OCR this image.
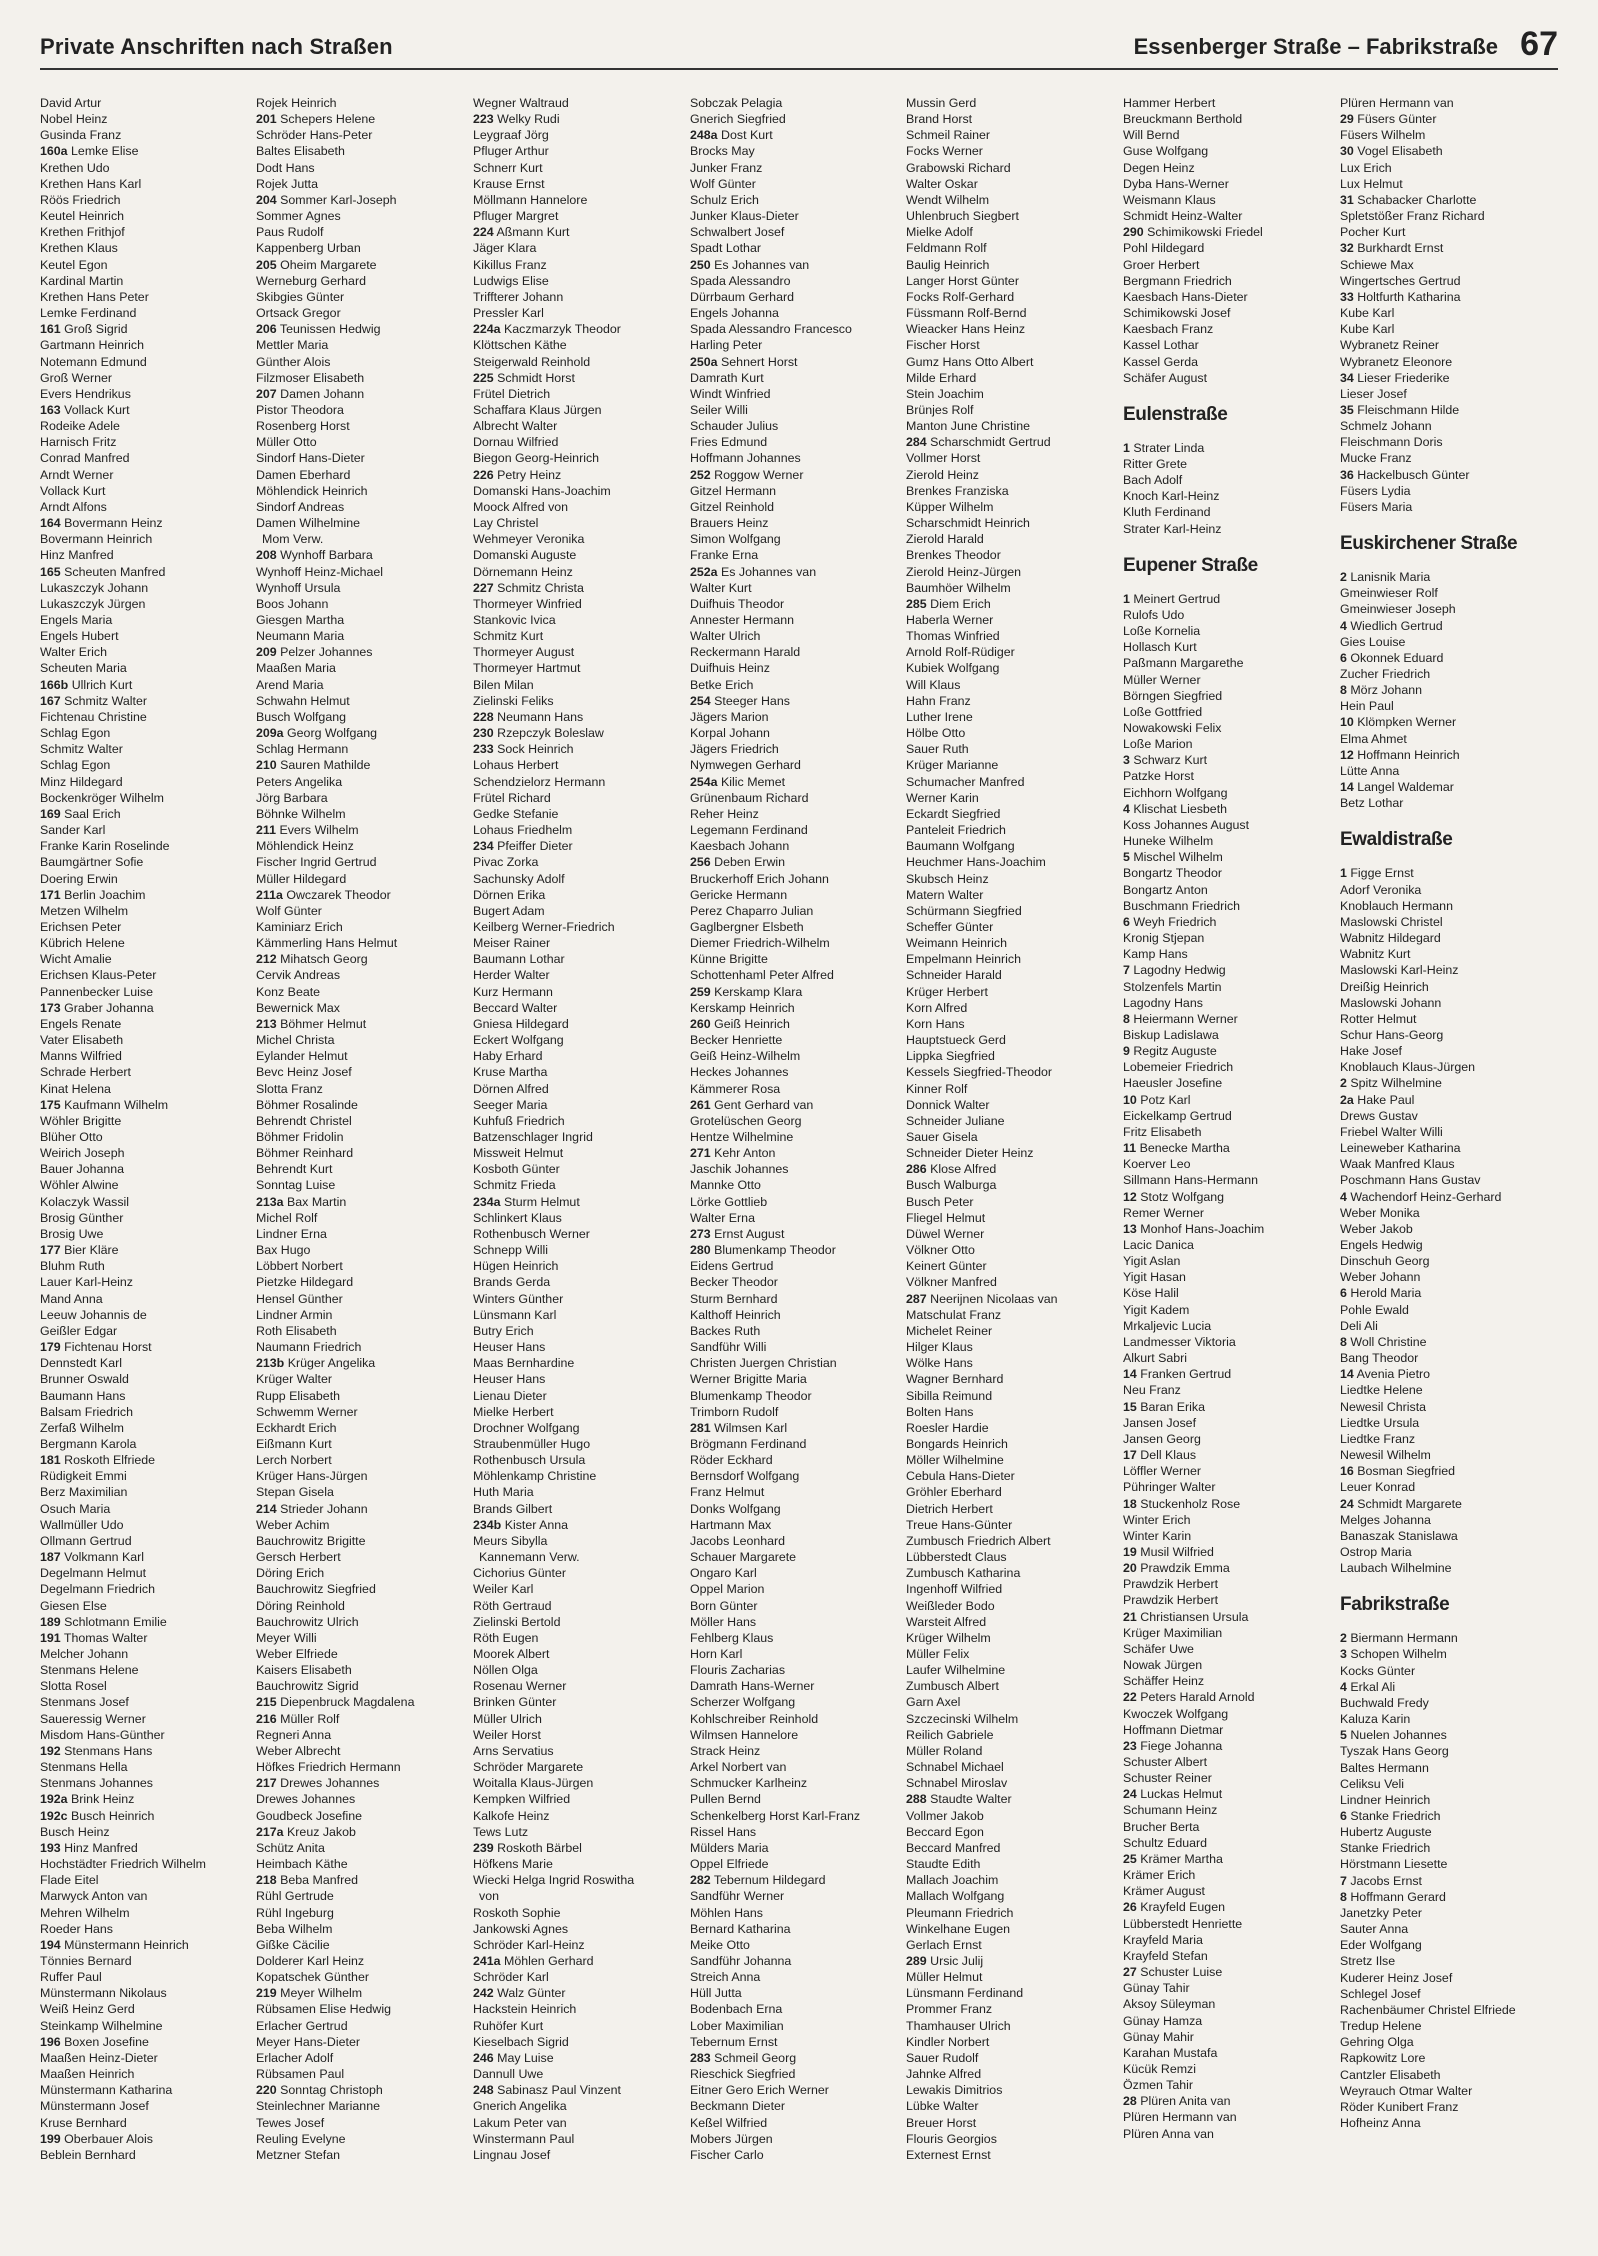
Private Anschriften nach Straßen	Essenberger Straße – Fabrikstraße 67
David Artur
Nobel Heinz
Gusinda Franz
160a Lemke Elise
Krethen Udo
Krethen Hans Karl
Röös Friedrich
Keutel Heinrich
Krethen Frithjof
Krethen Klaus
Keutel Egon
Kardinal Martin
Krethen Hans Peter
Lemke Ferdinand
161 Groß Sigrid
Gartmann Heinrich
Notemann Edmund
Groß Werner
Evers Hendrikus
163 Vollack Kurt
Rodeike Adele
Harnisch Fritz
Conrad Manfred
Arndt Werner
Vollack Kurt
Arndt Alfons
164 Bovermann Heinz
Bovermann Heinrich
Hinz Manfred
165 Scheuten Manfred
Lukaszczyk Johann
Lukaszczyk Jürgen
Engels Maria
Engels Hubert
Walter Erich
Scheuten Maria
166b Ullrich Kurt
167 Schmitz Walter
Fichtenau Christine
Schlag Egon
Schmitz Walter
Schlag Egon
Minz Hildegard
Bockenkröger Wilhelm
169 Saal Erich
Sander Karl
Franke Karin Roselinde
Baumgärtner Sofie
Doering Erwin
171 Berlin Joachim
Metzen Wilhelm
Erichsen Peter
Kübrich Helene
Wicht Amalie
Erichsen Klaus-Peter
Pannenbecker Luise
173 Graber Johanna
Engels Renate
Vater Elisabeth
Manns Wilfried
Schrade Herbert
Kinat Helena
175 Kaufmann Wilhelm
Wöhler Brigitte
Blüher Otto
Weirich Joseph
Bauer Johanna
Wöhler Alwine
Kolaczyk Wassil
Brosig Günther
Brosig Uwe
177 Bier Kläre
Bluhm Ruth
Lauer Karl-Heinz
Mand Anna
Leeuw Johannis de
Geißler Edgar
179 Fichtenau Horst
Dennstedt Karl
Brunner Oswald
Baumann Hans
Balsam Friedrich
Zerfaß Wilhelm
Bergmann Karola
181 Roskoth Elfriede
Rüdigkeit Emmi
Berz Maximilian
Osuch Maria
Wallmüller Udo
Ollmann Gertrud
187 Volkmann Karl
Degelmann Helmut
Degelmann Friedrich
Giesen Else
189 Schlotmann Emilie
191 Thomas Walter
Melcher Johann
Stenmans Helene
Slotta Rosel
Stenmans Josef
Saueressig Werner
Misdom Hans-Günther
192 Stenmans Hans
Stenmans Hella
Stenmans Johannes
192a Brink Heinz
192c Busch Heinrich
Busch Heinz
193 Hinz Manfred
Hochstädter Friedrich Wilhelm
Flade Eitel
Marwyck Anton van
Mehren Wilhelm
Roeder Hans
194 Münstermann Heinrich
Tönnies Bernard
Ruffer Paul
Münstermann Nikolaus
Weiß Heinz Gerd
Steinkamp Wilhelmine
196 Boxen Josefine
Maaßen Heinz-Dieter
Maaßen Heinrich
Münstermann Katharina
Münstermann Josef
Kruse Bernhard
199 Oberbauer Alois
Beblein Bernhard
Rojek Heinrich
201 Schepers Helene
Schröder Hans-Peter
Baltes Elisabeth
Dodt Hans
Rojek Jutta
204 Sommer Karl-Joseph
Sommer Agnes
Paus Rudolf
Kappenberg Urban
205 Oheim Margarete
Werneburg Gerhard
Skibgies Günter
Ortsack Gregor
206 Teunissen Hedwig
Mettler Maria
Günther Alois
Filzmoser Elisabeth
207 Damen Johann
Pistor Theodora
Rosenberg Horst
Müller Otto
Sindorf Hans-Dieter
Damen Eberhard
Möhlendick Heinrich
Sindorf Andreas
Damen Wilhelmine
Mom Verw.
208 Wynhoff Barbara
Wynhoff Heinz-Michael
Wynhoff Ursula
Boos Johann
Giesgen Martha
Neumann Maria
209 Pelzer Johannes
Maaßen Maria
Arend Maria
Schwahn Helmut
Busch Wolfgang
209a Georg Wolfgang
Schlag Hermann
210 Sauren Mathilde
Peters Angelika
Jörg Barbara
Böhnke Wilhelm
211 Evers Wilhelm
Möhlendick Heinz
Fischer Ingrid Gertrud
Müller Hildegard
211a Owczarek Theodor
Wolf Günter
Kaminiarz Erich
Kämmerling Hans Helmut
212 Mihatsch Georg
Cervik Andreas
Konz Beate
Bewernick Max
213 Böhmer Helmut
Michel Christa
Eylander Helmut
Bevc Heinz Josef
Slotta Franz
Böhmer Rosalinde
Behrendt Christel
Böhmer Fridolin
Böhmer Reinhard
Behrendt Kurt
Sonntag Luise
213a Bax Martin
Michel Rolf
Lindner Erna
Bax Hugo
Löbbert Norbert
Pietzke Hildegard
Hensel Günther
Lindner Armin
Roth Elisabeth
Naumann Friedrich
213b Krüger Angelika
Krüger Walter
Rupp Elisabeth
Schwemm Werner
Eckhardt Erich
Eißmann Kurt
Lerch Norbert
Krüger Hans-Jürgen
Stepan Gisela
214 Strieder Johann
Weber Achim
Bauchrowitz Brigitte
Gersch Herbert
Döring Erich
Bauchrowitz Siegfried
Döring Reinhold
Bauchrowitz Ulrich
Meyer Willi
Weber Elfriede
Kaisers Elisabeth
Bauchrowitz Sigrid
215 Diepenbruck Magdalena
216 Müller Rolf
Regneri Anna
Weber Albrecht
Höfkes Friedrich Hermann
217 Drewes Johannes
Drewes Johannes
Goudbeck Josefine
217a Kreuz Jakob
Schütz Anita
Heimbach Käthe
218 Beba Manfred
Rühl Gertrude
Rühl Ingeburg
Beba Wilhelm
Gißke Cäcilie
Dolderer Karl Heinz
Kopatschek Günther
219 Meyer Wilhelm
Rübsamen Elise Hedwig
Erlacher Gertrud
Meyer Hans-Dieter
Erlacher Adolf
Rübsamen Paul
220 Sonntag Christoph
Steinlechner Marianne
Tewes Josef
Reuling Evelyne
Metzner Stefan
Wegner Waltraud
223 Welky Rudi
Leygraaf Jörg
Pfluger Arthur
Schnerr Kurt
Krause Ernst
Möllmann Hannelore
Pfluger Margret
224 Aßmann Kurt
Jäger Klara
Kikillus Franz
Ludwigs Elise
Triffterer Johann
Pressler Karl
224a Kaczmarzyk Theodor
Klöttschen Käthe
Steigerwald Reinhold
225 Schmidt Horst
Frütel Dietrich
Schaffara Klaus Jürgen
Albrecht Walter
Dornau Wilfried
Biegon Georg-Heinrich
226 Petry Heinz
Domanski Hans-Joachim
Moock Alfred von
Lay Christel
Wehmeyer Veronika
Domanski Auguste
Dörnemann Heinz
227 Schmitz Christa
Thormeyer Winfried
Stankovic Ivica
Schmitz Kurt
Thormeyer August
Thormeyer Hartmut
Bilen Milan
Zielinski Feliks
228 Neumann Hans
230 Rzepczyk Boleslaw
233 Sock Heinrich
Lohaus Herbert
Schendzielorz Hermann
Frütel Richard
Gedke Stefanie
Lohaus Friedhelm
234 Pfeiffer Dieter
Pivac Zorka
Sachunsky Adolf
Dörnen Erika
Bugert Adam
Keilberg Werner-Friedrich
Meiser Rainer
Baumann Lothar
Herder Walter
Kurz Hermann
Beccard Walter
Gniesa Hildegard
Eckert Wolfgang
Haby Erhard
Kruse Martha
Dörnen Alfred
Seeger Maria
Kuhfuß Friedrich
Batzenschlager Ingrid
Missweit Helmut
Kosboth Günter
Schmitz Frieda
234a Sturm Helmut
Schlinkert Klaus
Rothenbusch Werner
Schnepp Willi
Hügen Heinrich
Brands Gerda
Winters Günther
Lünsmann Karl
Butry Erich
Heuser Hans
Maas Bernhardine
Heuser Hans
Lienau Dieter
Mielke Herbert
Drochner Wolfgang
Straubenmüller Hugo
Rothenbusch Ursula
Möhlenkamp Christine
Huth Maria
Brands Gilbert
234b Kister Anna
Meurs Sibylla
Kannemann Verw.
Cichorius Günter
Weiler Karl
Röth Gertraud
Zielinski Bertold
Röth Eugen
Moorek Albert
Nöllen Olga
Rosenau Werner
Brinken Günter
Müller Ulrich
Weiler Horst
Arns Servatius
Schröder Margarete
Woitalla Klaus-Jürgen
Kempken Wilfried
Kalkofe Heinz
Tews Lutz
239 Roskoth Bärbel
Höfkens Marie
Wiecki Helga Ingrid Roswitha
von
Roskoth Sophie
Jankowski Agnes
Schröder Karl-Heinz
241a Möhlen Gerhard
Schröder Karl
242 Walz Günter
Hackstein Heinrich
Ruhöfer Kurt
Kieselbach Sigrid
246 May Luise
Dannull Uwe
248 Sabinasz Paul Vinzent
Gnerich Angelika
Lakum Peter van
Winstermann Paul
Lingnau Josef
Sobczak Pelagia
Gnerich Siegfried
248a Dost Kurt
Brocks May
Junker Franz
Wolf Günter
Schulz Erich
Junker Klaus-Dieter
Schwalbert Josef
Spadt Lothar
250 Es Johannes van
Spada Alessandro
Dürrbaum Gerhard
Engels Johanna
Spada Alessandro Francesco
Harling Peter
250a Sehnert Horst
Damrath Kurt
Windt Winfried
Seiler Willi
Schauder Julius
Fries Edmund
Hoffmann Johannes
252 Roggow Werner
Gitzel Hermann
Gitzel Reinhold
Brauers Heinz
Simon Wolfgang
Franke Erna
252a Es Johannes van
Walter Kurt
Duifhuis Theodor
Annester Hermann
Walter Ulrich
Reckermann Harald
Duifhuis Heinz
Betke Erich
254 Steeger Hans
Jägers Marion
Korpal Johann
Jägers Friedrich
Nymwegen Gerhard
254a Kilic Memet
Grünenbaum Richard
Reher Heinz
Legemann Ferdinand
Kaesbach Johann
256 Deben Erwin
Bruckerhoff Erich Johann
Gericke Hermann
Perez Chaparro Julian
Gaglbergner Elsbeth
Diemer Friedrich-Wilhelm
Künne Brigitte
Schottenhaml Peter Alfred
259 Kerskamp Klara
Kerskamp Heinrich
260 Geiß Heinrich
Becker Henriette
Geiß Heinz-Wilhelm
Heckes Johannes
Kämmerer Rosa
261 Gent Gerhard van
Grotelüschen Georg
Hentze Wilhelmine
271 Kehr Anton
Jaschik Johannes
Mannke Otto
Lörke Gottlieb
Walter Erna
273 Ernst August
280 Blumenkamp Theodor
Eidens Gertrud
Becker Theodor
Sturm Bernhard
Kalthoff Heinrich
Backes Ruth
Sandführ Willi
Christen Juergen Christian
Werner Brigitte Maria
Blumenkamp Theodor
Trimborn Rudolf
281 Wilmsen Karl
Brögmann Ferdinand
Röder Eckhard
Bernsdorf Wolfgang
Franz Helmut
Donks Wolfgang
Hartmann Max
Jacobs Leonhard
Schauer Margarete
Ongaro Karl
Oppel Marion
Born Günter
Möller Hans
Fehlberg Klaus
Horn Karl
Flouris Zacharias
Damrath Hans-Werner
Scherzer Wolfgang
Kohlschreiber Reinhold
Wilmsen Hannelore
Strack Heinz
Arkel Norbert van
Schmucker Karlheinz
Pullen Bernd
Schenkelberg Horst Karl-Franz
Rissel Hans
Mülders Maria
Oppel Elfriede
282 Tebernum Hildegard
Sandführ Werner
Möhlen Hans
Bernard Katharina
Meike Otto
Sandführ Johanna
Streich Anna
Hüll Jutta
Bodenbach Erna
Lober Maximilian
Tebernum Ernst
283 Schmeil Georg
Rieschick Siegfried
Eitner Gero Erich Werner
Beckmann Dieter
Keßel Wilfried
Mobers Jürgen
Fischer Carlo
Mussin Gerd
Brand Horst
Schmeil Rainer
Focks Werner
Grabowski Richard
Walter Oskar
Wendt Wilhelm
Uhlenbruch Siegbert
Mielke Adolf
Feldmann Rolf
Baulig Heinrich
Langer Horst Günter
Focks Rolf-Gerhard
Füssmann Rolf-Bernd
Wieacker Hans Heinz
Fischer Horst
Gumz Hans Otto Albert
Milde Erhard
Stein Joachim
Brünjes Rolf
Manton June Christine
284 Scharschmidt Gertrud
Vollmer Horst
Zierold Heinz
Brenkes Franziska
Küpper Wilhelm
Scharschmidt Heinrich
Zierold Harald
Brenkes Theodor
Zierold Heinz-Jürgen
Baumhöer Wilhelm
285 Diem Erich
Haberla Werner
Thomas Winfried
Arnold Rolf-Rüdiger
Kubiek Wolfgang
Will Klaus
Hahn Franz
Luther Irene
Hölbe Otto
Sauer Ruth
Krüger Marianne
Schumacher Manfred
Werner Karin
Eckardt Siegfried
Panteleit Friedrich
Baumann Wolfgang
Heuchmer Hans-Joachim
Skubsch Heinz
Matern Walter
Schürmann Siegfried
Scheffer Günter
Weimann Heinrich
Empelmann Heinrich
Schneider Harald
Krüger Herbert
Korn Alfred
Korn Hans
Hauptstueck Gerd
Lippka Siegfried
Kessels Siegfried-Theodor
Kinner Rolf
Donnick Walter
Schneider Juliane
Sauer Gisela
Schneider Dieter Heinz
286 Klose Alfred
Busch Walburga
Busch Peter
Fliegel Helmut
Düwel Werner
Völkner Otto
Keinert Günter
Völkner Manfred
287 Neerijnen Nicolaas van
Matschulat Franz
Michelet Reiner
Hilger Klaus
Wölke Hans
Wagner Bernhard
Sibilla Reimund
Bolten Hans
Roesler Hardie
Bongards Heinrich
Möller Wilhelmine
Cebula Hans-Dieter
Gröhler Eberhard
Dietrich Herbert
Treue Hans-Günter
Zumbusch Friedrich Albert
Lübberstedt Claus
Zumbusch Katharina
Ingenhoff Wilfried
Weißleder Bodo
Warsteit Alfred
Krüger Wilhelm
Müller Felix
Laufer Wilhelmine
Zumbusch Albert
Garn Axel
Szczecinski Wilhelm
Reilich Gabriele
Müller Roland
Schnabel Michael
Schnabel Miroslav
288 Staudte Walter
Vollmer Jakob
Beccard Egon
Beccard Manfred
Staudte Edith
Mallach Joachim
Mallach Wolfgang
Pleumann Friedrich
Winkelhane Eugen
Gerlach Ernst
289 Ursic Julij
Müller Helmut
Lünsmann Ferdinand
Prommer Franz
Thamhauser Ulrich
Kindler Norbert
Sauer Rudolf
Jahnke Alfred
Lewakis Dimitrios
Lübke Walter
Breuer Horst
Flouris Georgios
Externest Ernst
Hammer Herbert
Breuckmann Berthold
Will Bernd
Guse Wolfgang
Degen Heinz
Dyba Hans-Werner
Weismann Klaus
Schmidt Heinz-Walter
290 Schimikowski Friedel
Pohl Hildegard
Groer Herbert
Bergmann Friedrich
Kaesbach Hans-Dieter
Schimikowski Josef
Kaesbach Franz
Kassel Lothar
Kassel Gerda
Schäfer August
Eulenstraße
1 Strater Linda
Ritter Grete
Bach Adolf
Knoch Karl-Heinz
Kluth Ferdinand
Strater Karl-Heinz
Eupener Straße
1 Meinert Gertrud
Rulofs Udo
Loße Kornelia
Hollasch Kurt
Paßmann Margarethe
Müller Werner
Börngen Siegfried
Loße Gottfried
Nowakowski Felix
Loße Marion
3 Schwarz Kurt
Patzke Horst
Eichhorn Wolfgang
4 Klischat Liesbeth
Koss Johannes August
Huneke Wilhelm
5 Mischel Wilhelm
Bongartz Theodor
Bongartz Anton
Buschmann Friedrich
6 Weyh Friedrich
Kronig Stjepan
Kamp Hans
7 Lagodny Hedwig
Stolzenfels Martin
Lagodny Hans
8 Heiermann Werner
Biskup Ladislawa
9 Regitz Auguste
Lobemeier Friedrich
Haeusler Josefine
10 Potz Karl
Eickelkamp Gertrud
Fritz Elisabeth
11 Benecke Martha
Koerver Leo
Sillmann Hans-Hermann
12 Stotz Wolfgang
Remer Werner
13 Monhof Hans-Joachim
Lacic Danica
Yigit Aslan
Yigit Hasan
Köse Halil
Yigit Kadem
Mrkaljevic Lucia
Landmesser Viktoria
Alkurt Sabri
14 Franken Gertrud
Neu Franz
15 Baran Erika
Jansen Josef
Jansen Georg
17 Dell Klaus
Löffler Werner
Pühringer Walter
18 Stuckenholz Rose
Winter Erich
Winter Karin
19 Musil Wilfried
20 Prawdzik Emma
Prawdzik Herbert
Prawdzik Herbert
21 Christiansen Ursula
Krüger Maximilian
Schäfer Uwe
Nowak Jürgen
Schäffer Heinz
22 Peters Harald Arnold
Kwoczek Wolfgang
Hoffmann Dietmar
23 Fiege Johanna
Schuster Albert
Schuster Reiner
24 Luckas Helmut
Schumann Heinz
Brucher Berta
Schultz Eduard
25 Krämer Martha
Krämer Erich
Krämer August
26 Krayfeld Eugen
Lübberstedt Henriette
Krayfeld Maria
Krayfeld Stefan
27 Schuster Luise
Günay Tahir
Aksoy Süleyman
Günay Hamza
Günay Mahir
Karahan Mustafa
Kücük Remzi
Özmen Tahir
28 Plüren Anita van
Plüren Hermann van
Plüren Anna van
Plüren Hermann van
29 Füsers Günter
Füsers Wilhelm
30 Vogel Elisabeth
Lux Erich
Lux Helmut
31 Schabacker Charlotte
Spletstößer Franz Richard
Pocher Kurt
32 Burkhardt Ernst
Schiewe Max
Wingertsches Gertrud
33 Holtfurth Katharina
Kube Karl
Kube Karl
Wybranetz Reiner
Wybranetz Eleonore
34 Lieser Friederike
Lieser Josef
35 Fleischmann Hilde
Schmelz Johann
Fleischmann Doris
Mucke Franz
36 Hackelbusch Günter
Füsers Lydia
Füsers Maria
Euskirchener Straße
2 Lanisnik Maria
Gmeinwieser Rolf
Gmeinwieser Joseph
4 Wiedlich Gertrud
Gies Louise
6 Okonnek Eduard
Zucher Friedrich
8 Mörz Johann
Hein Paul
10 Klömpken Werner
Elma Ahmet
12 Hoffmann Heinrich
Lütte Anna
14 Langel Waldemar
Betz Lothar
Ewaldistraße
1 Figge Ernst
Adorf Veronika
Knoblauch Hermann
Maslowski Christel
Wabnitz Hildegard
Wabnitz Kurt
Maslowski Karl-Heinz
Dreißig Heinrich
Maslowski Johann
Rotter Helmut
Schur Hans-Georg
Hake Josef
Knoblauch Klaus-Jürgen
2 Spitz Wilhelmine
2a Hake Paul
Drews Gustav
Friebel Walter Willi
Leineweber Katharina
Waak Manfred Klaus
Poschmann Hans Gustav
4 Wachendorf Heinz-Gerhard
Weber Monika
Weber Jakob
Engels Hedwig
Dinschuh Georg
Weber Johann
6 Herold Maria
Pohle Ewald
Deli Ali
8 Woll Christine
Bang Theodor
14 Avenia Pietro
Liedtke Helene
Newesil Christa
Liedtke Ursula
Liedtke Franz
Newesil Wilhelm
16 Bosman Siegfried
Leuer Konrad
24 Schmidt Margarete
Melges Johanna
Banaszak Stanislawa
Ostrop Maria
Laubach Wilhelmine
Fabrikstraße
2 Biermann Hermann
3 Schopen Wilhelm
Kocks Günter
4 Erkal Ali
Buchwald Fredy
Kaluza Karin
5 Nuelen Johannes
Tyszak Hans Georg
Baltes Hermann
Celiksu Veli
Lindner Heinrich
6 Stanke Friedrich
Hubertz Auguste
Stanke Friedrich
Hörstmann Liesette
7 Jacobs Ernst
8 Hoffmann Gerard
Janetzky Peter
Sauter Anna
Eder Wolfgang
Stretz Ilse
Kuderer Heinz Josef
Schlegel Josef
Rachenbäumer Christel Elfriede
Tredup Helene
Gehring Olga
Rapkowitz Lore
Cantzler Elisabeth
Weyrauch Otmar Walter
Röder Kunibert Franz
Hofheinz Anna
